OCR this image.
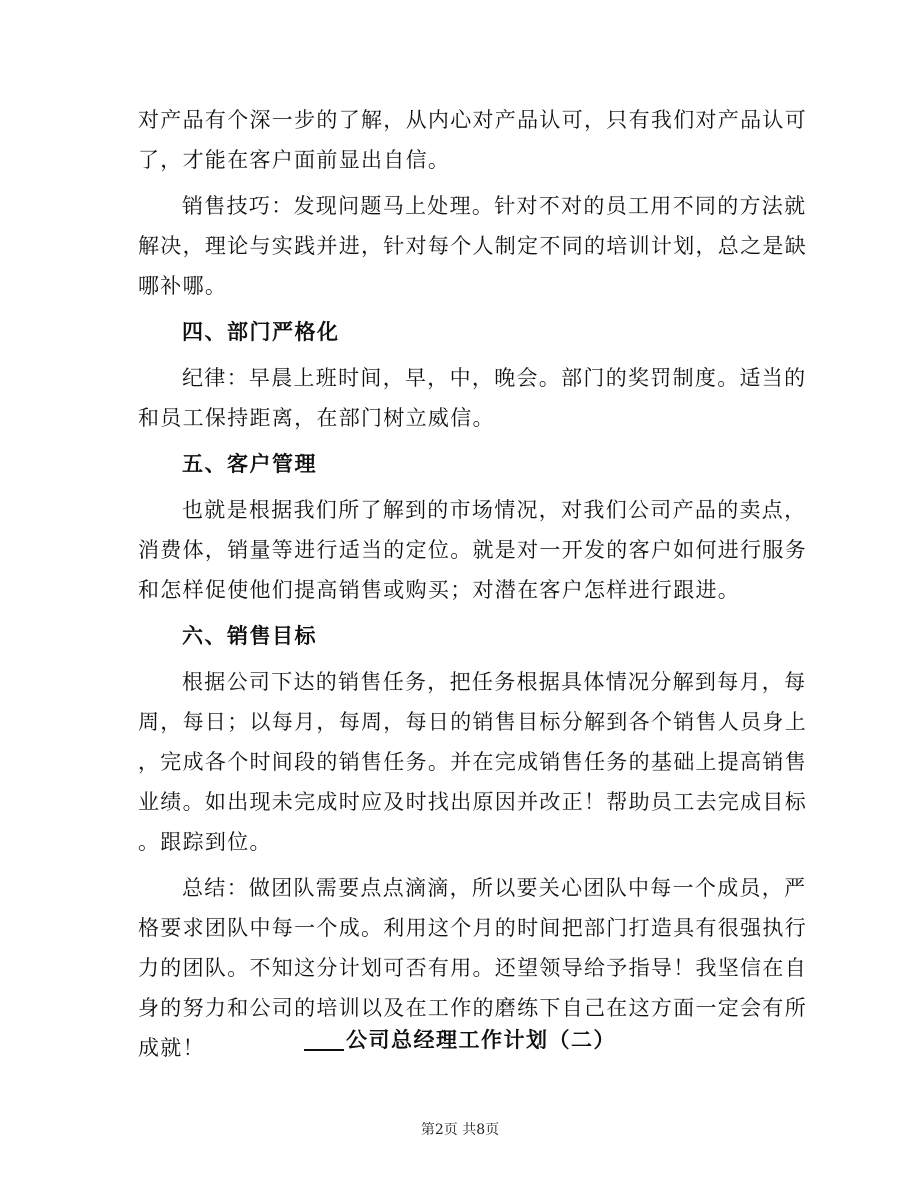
对产品有个深一步的了解，从内心对产品认可，只有我们对产品认可
了，才能在客户面前显出自信。
销售技巧：发现问题马上处理。针对不对的员工用不同的方法就
解决，理论与实践并进，针对每个人制定不同的培训计划，总之是缺
哪补哪。
四、部门严格化
纪律：早晨上班时间，早，中，晚会。部门的奖罚制度。适当的
和员工保持距离，在部门树立威信。
五、客户管理
也就是根据我们所了解到的市场情况，对我们公司产品的卖点，
消费体，销量等进行适当的定位。就是对一开发的客户如何进行服务
和怎样促使他们提高销售或购买；对潜在客户怎样进行跟进。
六、销售目标
根据公司下达的销售任务，把任务根据具体情况分解到每月，每
周，每日；以每月，每周，每日的销售目标分解到各个销售人员身上
，完成各个时间段的销售任务。并在完成销售任务的基础上提高销售
业绩。如出现未完成时应及时找出原因并改正！帮助员工去完成目标
。跟踪到位。
总结：做团队需要点点滴滴，所以要关心团队中每一个成员，严
格要求团队中每一个成。利用这个月的时间把部门打造具有很强执行
力的团队。不知这分计划可否有用。还望领导给予指导！我坚信在自
身的努力和公司的培训以及在工作的磨练下自己在这方面一定会有所
成就！	公司总经理工作计划（二）
第2页 共8页
